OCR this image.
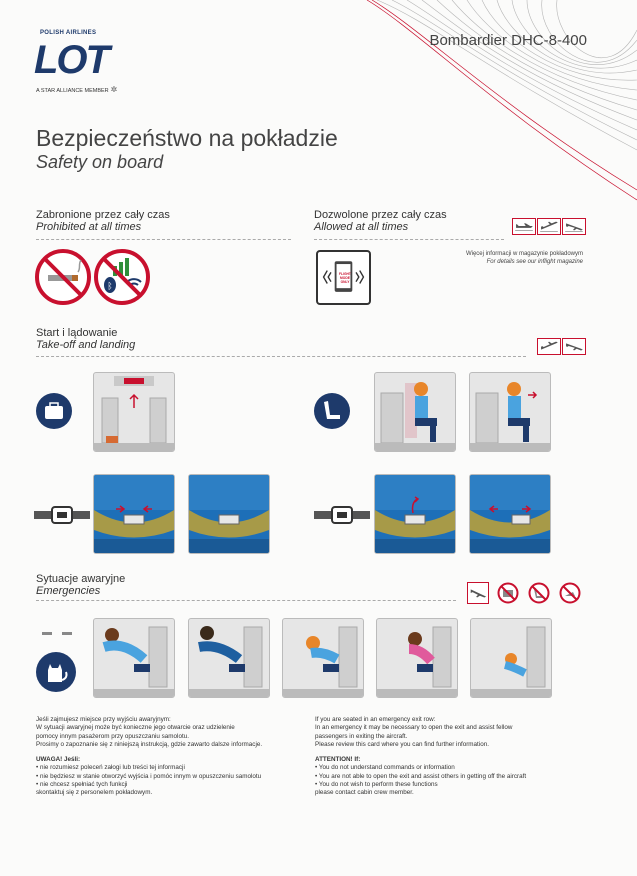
POLISH AIRLINES
LOT
A STAR ALLIANCE MEMBER ✲
Bombardier DHC-8-400
Bezpieczeństwo na pokładzie
Safety on board
Zabronione przez cały czas
Prohibited at all times
ᛒ
Dozwolone przez cały czas
Allowed at all times
Więcej informacji w magazynie pokładowym
For details see our inflight magazine
FLIGHT MODE ONLY
Start i lądowanie
Take-off and landing
Sytuacje awaryjne
Emergencies
Jeśli zajmujesz miejsce przy wyjściu awaryjnym:
W sytuacji awaryjnej może być konieczne jego otwarcie oraz udzielenie
pomocy innym pasażerom przy opuszczaniu samolotu.
Prosimy o zapoznanie się z niniejszą instrukcją, gdzie zawarto dalsze informacje.
UWAGA! Jeśli:
• nie rozumiesz poleceń załogi lub treści tej informacji
• nie będziesz w stanie otworzyć wyjścia i pomóc innym w opuszczeniu samolotu
• nie chcesz spełniać tych funkcji
skontaktuj się z personelem pokładowym.
If you are seated in an emergency exit row:
In an emergency it may be necessary to open the exit and assist fellow
passengers in exiting the aircraft.
Please review this card where you can find further information.
ATTENTION! If:
• You do not understand commands or information
• You are not able to open the exit and assist others in getting off the aircraft
• You do not wish to perform these functions
please contact cabin crew member.
